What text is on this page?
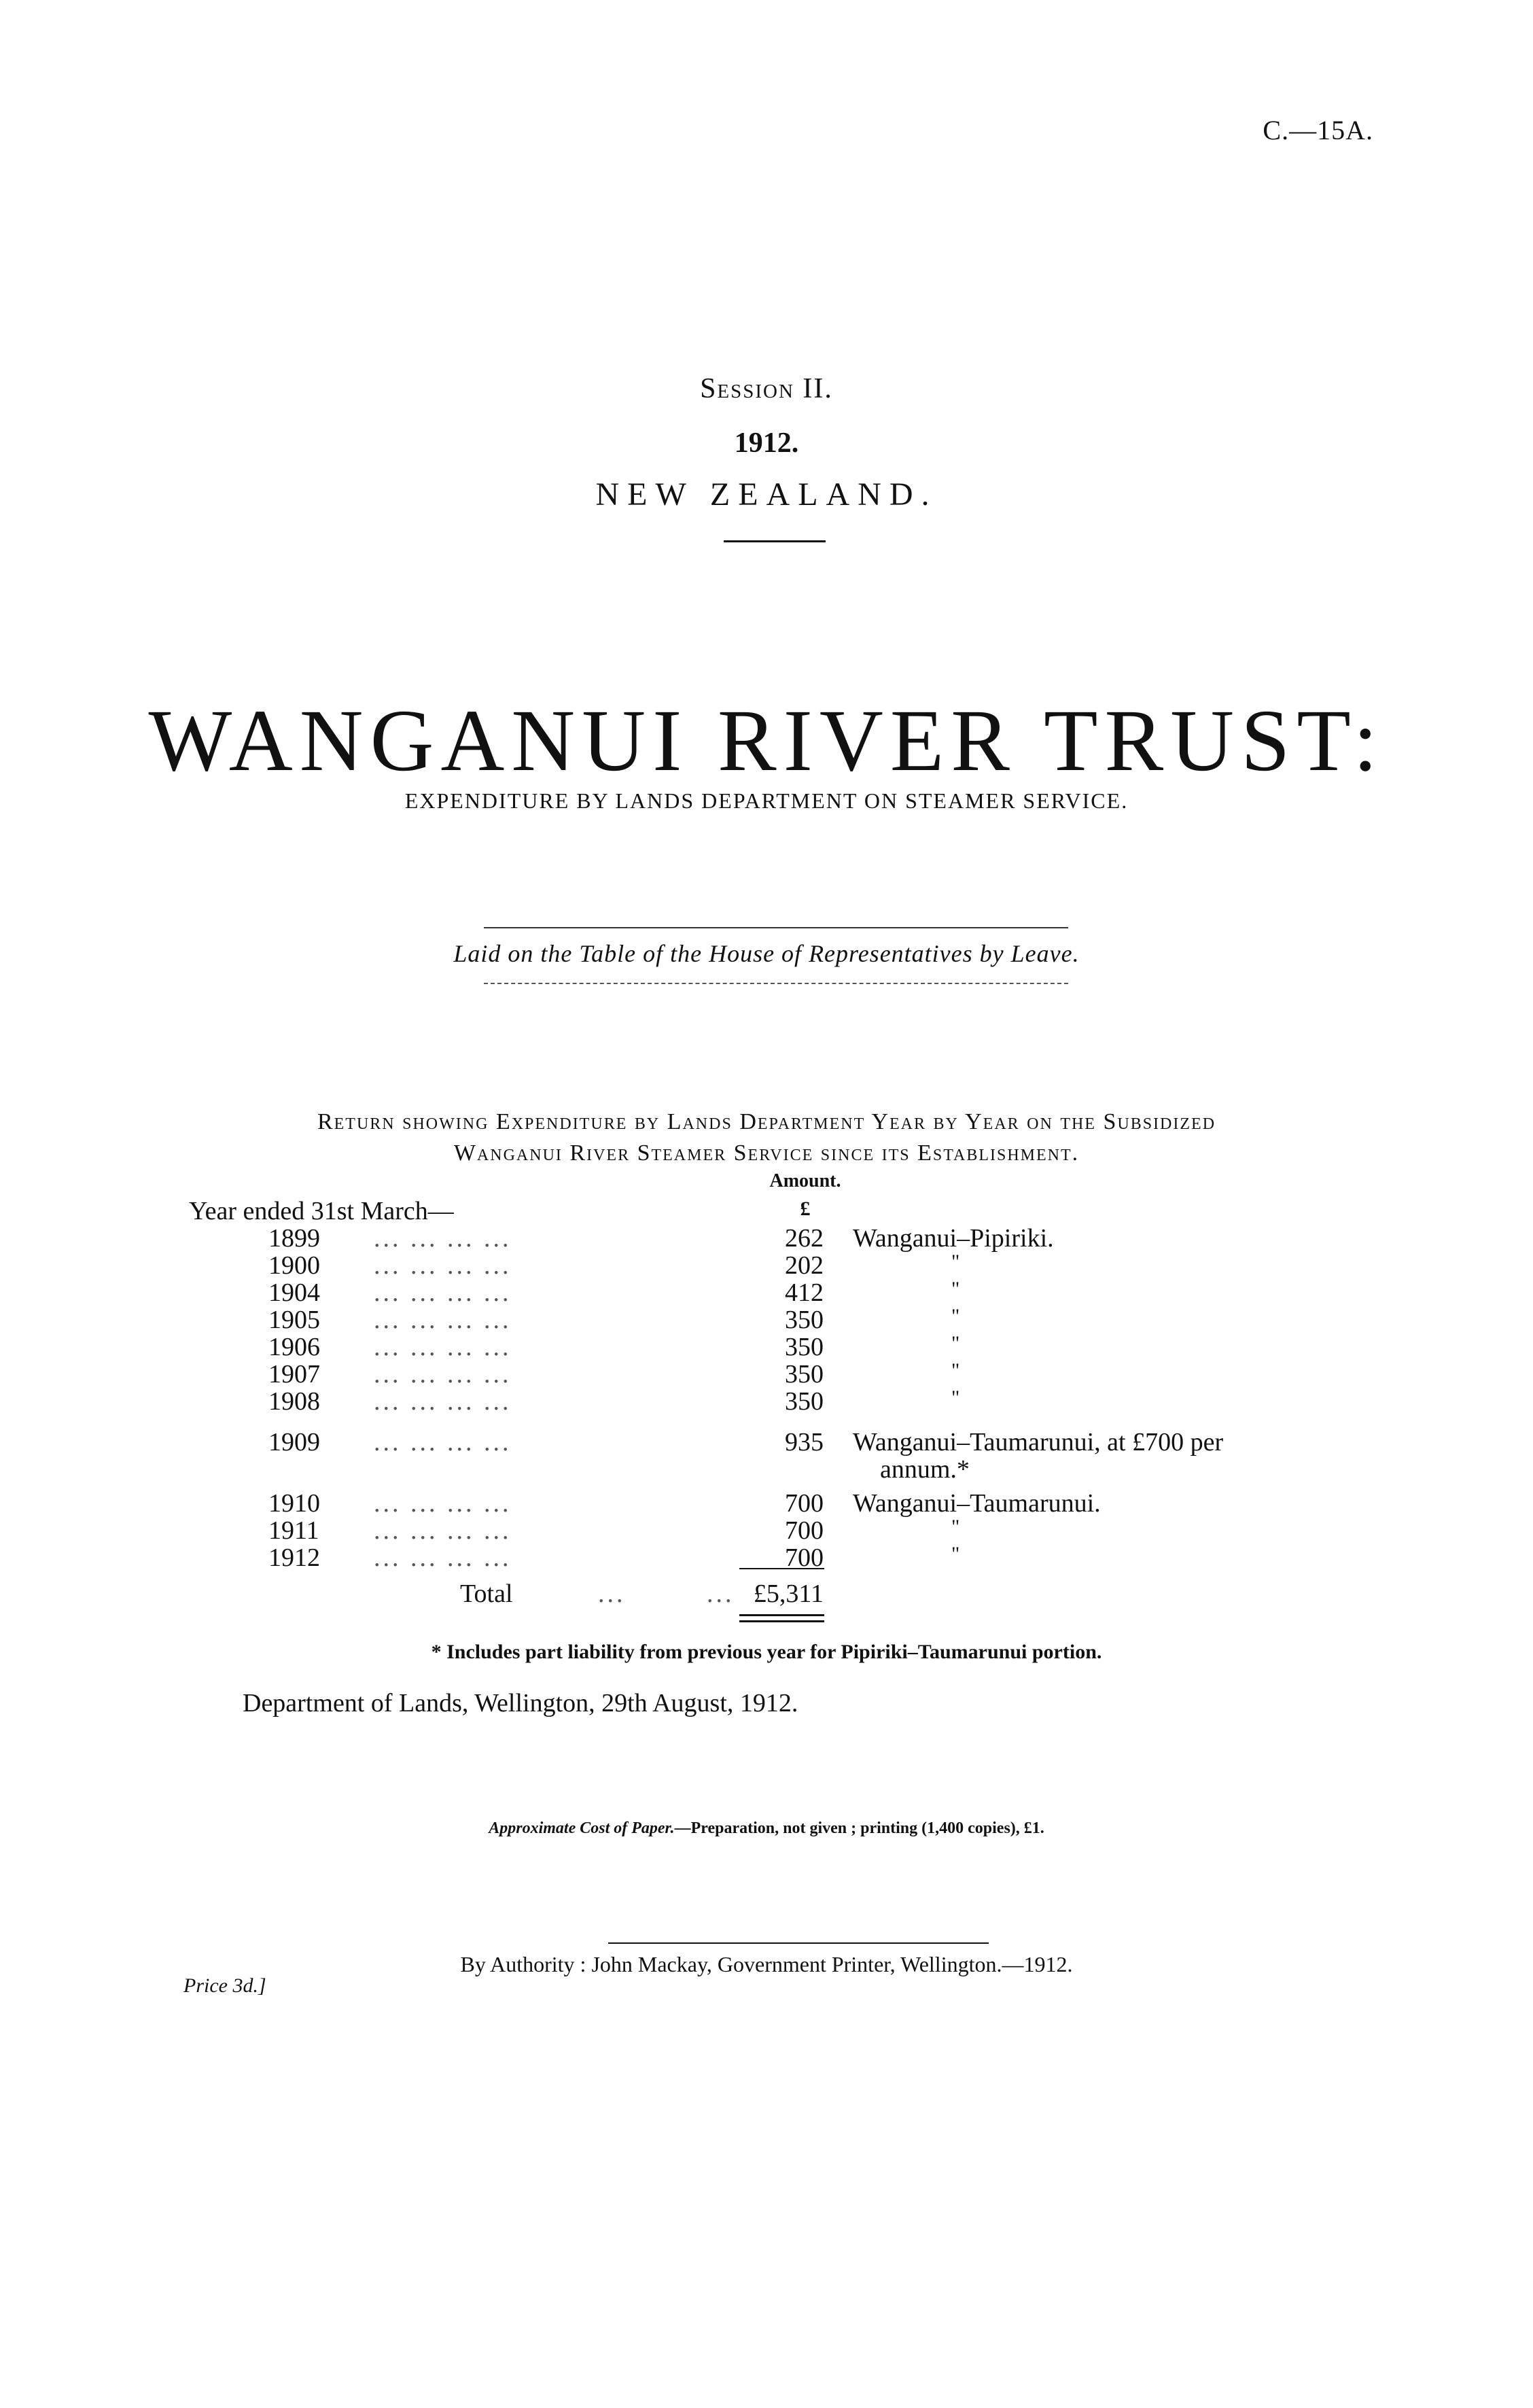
C.—15A.
Session II.
1912.
NEW ZEALAND.
WANGANUI RIVER TRUST:
EXPENDITURE BY LANDS DEPARTMENT ON STEAMER SERVICE.
Laid on the Table of the House of Representatives by Leave.
Return showing Expenditure by Lands Department Year by Year on the Subsidized
Wanganui River Steamer Service since its Establishment.
Amount.
£
Year ended 31st March—
1899 ... ... ... ...	262 Wanganui–Pipiriki.
1900 ... ... ... ...	202	"
1904 ... ... ... ...	412	"
1905 ... ... ... ...	350	"
1906 ... ... ... ...	350	"
1907 ... ... ... ...	350	"
1908 ... ... ... ...	350	"
1909 ... ... ... ...	935 Wanganui–Taumarunui, at £700 per
annum.*
1910 ... ... ... ...	700 Wanganui–Taumarunui.
1911 ... ... ... ...	700	"
1912 ... ... ... ...	700	"
Total	...	... £5,311
* Includes part liability from previous year for Pipiriki–Taumarunui portion.
Department of Lands, Wellington, 29th August, 1912.
Approximate Cost of Paper.—Preparation, not given ; printing (1,400 copies), £1.
By Authority : John Mackay, Government Printer, Wellington.—1912.
Price 3d.]
